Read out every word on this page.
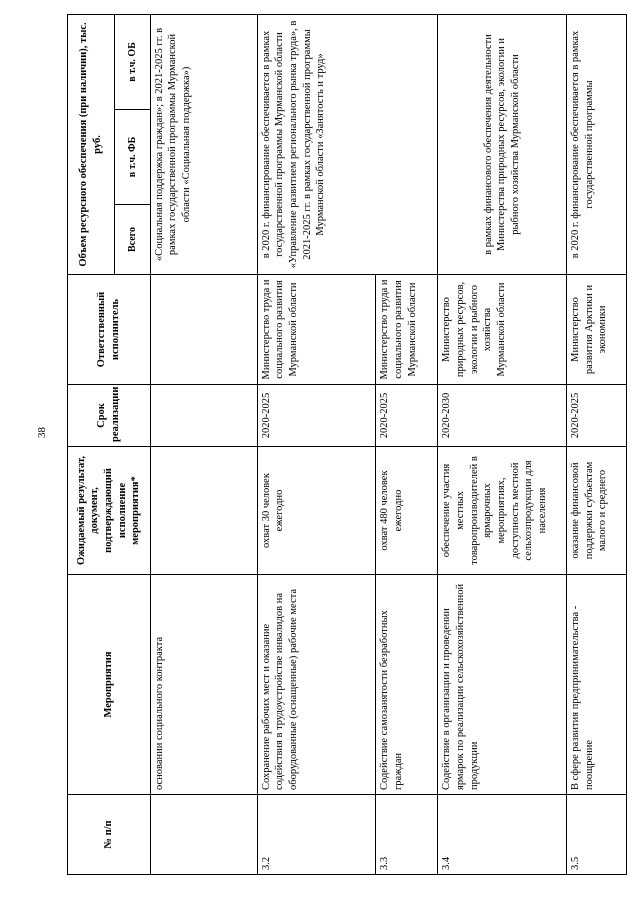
38
№ п/п	Мероприятия	Ожидаемый результат, документ, подтверждающий исполнение мероприятия*	Срок реализации	Ответственный исполнитель	Объем ресурсного обеспечения (при наличии), тыс. руб.		
					Всего	в т.ч. ФБ	в т.ч. ОБ
	основании социального контракта				«Социальная поддержка граждан»; в 2021-2025 гг. в рамках государственной программы Мурманской области «Социальная поддержка»)		
3.2	Сохранение рабочих мест и оказание содействия в трудоустройстве инвалидов на оборудованные (оснащенные) рабочие места	охват 30 человек ежегодно	2020-2025	Министерство труда и социального развития Мурманской области	в 2020 г. финансирование обеспечивается в рамках государственной программы Мурманской области «Управление развитием регионального рынка труда», в 2021-2025 гг. в рамках государственной программы Мурманской области «Занятость и труд»		
3.3	Содействие самозанятости безработных граждан	охват 480 человек ежегодно	2020-2025	Министерство труда и социального развития Мурманской области			
3.4	Содействие в организации и проведении ярмарок по реализации сельскохозяйственной продукции	обеспечение участия местных товаропроизводителей в ярмарочных мероприятиях, доступность местной сельхозпродукции для населения	2020-2030	Министерство природных ресурсов, экологии и рыбного хозяйства Мурманской области	в рамках финансового обеспечения деятельности Министерства природных ресурсов, экологии и рыбного хозяйства Мурманской области		
3.5	В сфере развития предпринимательства - поощрение	оказание финансовой поддержки субъектам малого и среднего	2020-2025	Министерство развития Арктики и экономики	в 2020 г. финансирование обеспечивается в рамках государственной программы		
